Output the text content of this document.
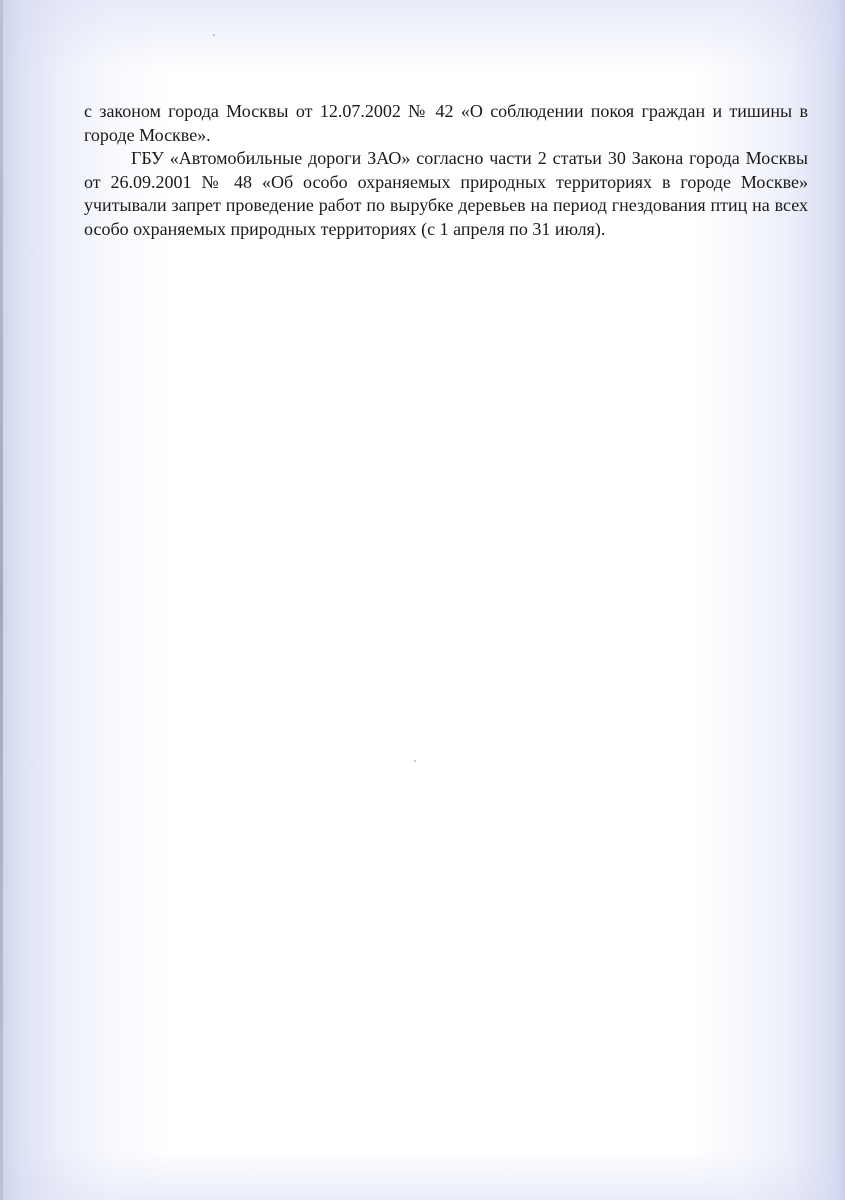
с законом города Москвы от 12.07.2002 № 42 «О соблюдении покоя граждан и тишины в городе Москве».

ГБУ «Автомобильные дороги ЗАО» согласно части 2 статьи 30 Закона города Москвы от 26.09.2001 № 48 «Об особо охраняемых природных территориях в городе Москве» учитывали запрет проведение работ по вырубке деревьев на период гнездования птиц на всех особо охраняемых природных территориях (с 1 апреля по 31 июля).
